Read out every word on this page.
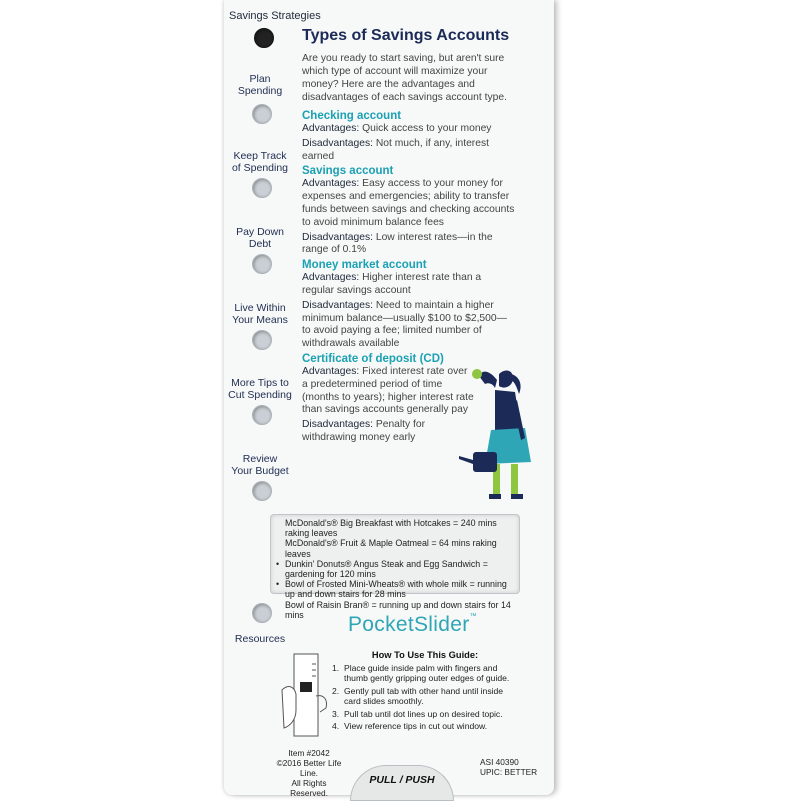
Savings Strategies
Plan
Spending
Keep Track
of Spending
Pay Down
Debt
Live Within
Your Means
More Tips to
Cut Spending
Review
Your Budget
Resources
Types of Savings Accounts

Are you ready to start saving, but aren't sure which type of account will maximize your money? Here are the advantages and disadvantages of each savings account type.

Checking account
Advantages: Quick access to your money
Disadvantages: Not much, if any, interest earned
Savings account
Advantages: Easy access to your money for expenses and emergencies; ability to transfer funds between savings and checking accounts to avoid minimum balance fees
Disadvantages: Low interest rates—in the range of 0.1%
Money market account
Advantages: Higher interest rate than a regular savings account
Disadvantages: Need to maintain a higher minimum balance—usually $100 to $2,500—to avoid paying a fee; limited number of withdrawals available
Certificate of deposit (CD)
Advantages: Fixed interest rate over a predetermined period of time (months to years); higher interest rate than savings accounts generally pay
Disadvantages: Penalty for withdrawing money early
McDonald's® Big Breakfast with Hotcakes = 240 mins raking leaves
McDonald's® Fruit & Maple Oatmeal = 64 mins raking leaves
• Dunkin' Donuts® Angus Steak and Egg Sandwich = gardening for 120 mins
• Bowl of Frosted Mini-Wheats® with whole milk = running up and down stairs for 28 mins
Bowl of Raisin Bran® = running up and down stairs for 14 mins	PocketSlider™
How To Use This Guide:
1. Place guide inside palm with fingers and thumb gently gripping outer edges of guide.
2. Gently pull tab with other hand until inside card slides smoothly.
3. Pull tab until dot lines up on desired topic.
4. View reference tips in cut out window.
Item #2042
©2016 Better Life Line.
All Rights Reserved.
ASI 40390
UPIC: BETTER
PULL / PUSH
